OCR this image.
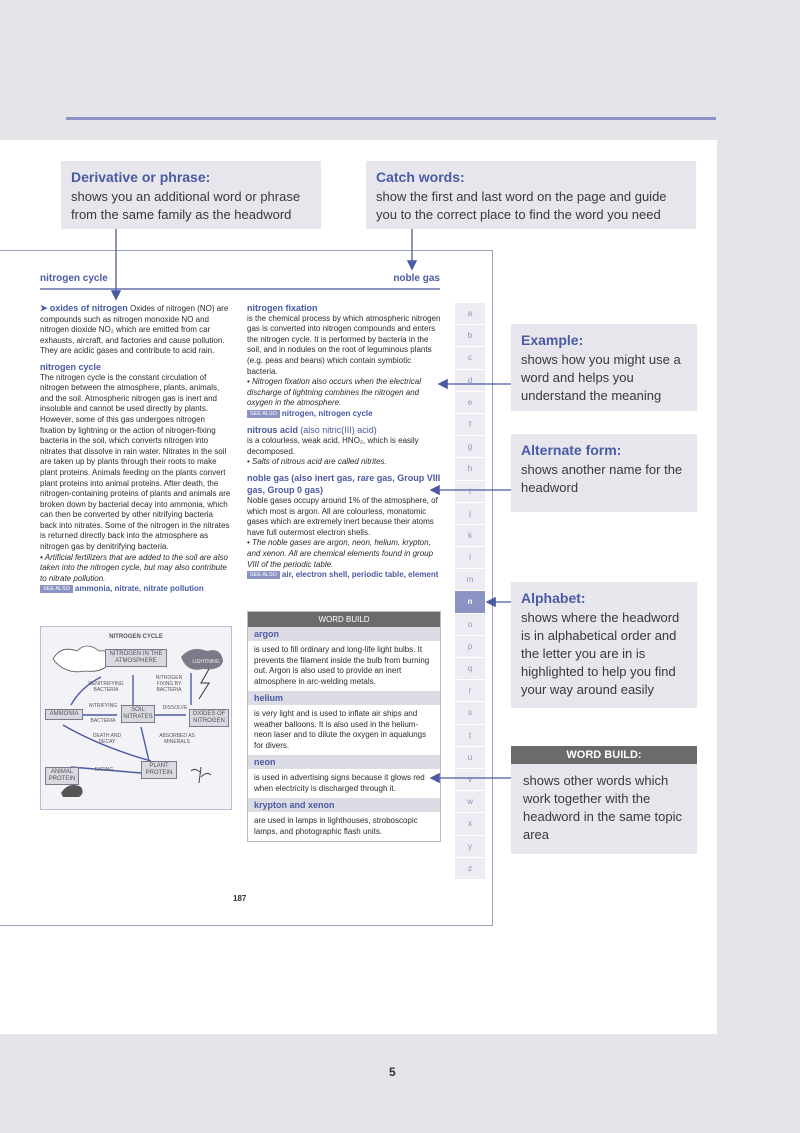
Derivative or phrase:
shows you an additional word or phrase from the same family as the headword
Catch words:
show the first and last word on the page and guide you to the correct place to find the word you need
Example:
shows how you might use a word and helps you understand the meaning
Alternate form:
shows another name for the headword
Alphabet:
shows where the headword is in alphabetical order and the letter you are in is highlighted to help you find your way around easily
WORD BUILD:
shows other words which work together with the headword in the same topic area
nitrogen cycle	noble gas

➤ oxides of nitrogen Oxides of nitrogen (NO) are compounds such as nitrogen monoxide NO and nitrogen dioxide NO₂ which are emitted from car exhausts, aircraft, and factories and cause pollution. They are acidic gases and contribute to acid rain.

nitrogen cycle

The nitrogen cycle is the constant circulation of nitrogen between the atmosphere, plants, animals, and the soil. Atmospheric nitrogen gas is inert and insoluble and cannot be used directly by plants. However, some of this gas undergoes nitrogen fixation by lightning or the action of nitrogen-fixing bacteria in the soil, which converts nitrogen into nitrates that dissolve in rain water. Nitrates in the soil are taken up by plants through their roots to make plant proteins. Animals feeding on the plants convert plant proteins into animal proteins. After death, the nitrogen-containing proteins of plants and animals are broken down by bacterial decay into ammonia, which can then be converted by other nitrifying bacteria back into nitrates. Some of the nitrogen in the nitrates is returned directly back into the atmosphere as nitrogen gas by denitrifying bacteria.

• Artificial fertilizers that are added to the soil are also taken into the nitrogen cycle, but may also contribute to nitrate pollution.

SEE ALSO ammonia, nitrate, nitrate pollution

NITROGEN CYCLE
NITROGEN IN THE ATMOSPHERE	LIGHTNING
DENITRIFYING BACTERIA
NITROGEN FIXING BY BACTERIA
AMMONIA
NITRIFYING
BACTERIA
SOIL NITRATES
DISSOLVE
OXIDES OF NITROGEN
DEATH AND DECAY
ABSORBED AS MINERALS
ANIMAL PROTEIN
EATING
PLANT PROTEIN

nitrogen fixation

is the chemical process by which atmospheric nitrogen gas is converted into nitrogen compounds and enters the nitrogen cycle. It is performed by bacteria in the soil, and in nodules on the root of leguminous plants (e.g. peas and beans) which contain symbiotic bacteria.

• Nitrogen fixation also occurs when the electrical discharge of lightning combines the nitrogen and oxygen in the atmosphere.

SEE ALSO nitrogen, nitrogen cycle

nitrous acid (also nitric(III) acid)

is a colourless, weak acid, HNO₂, which is easily decomposed.

• Salts of nitrous acid are called nitrites.

noble gas (also inert gas, rare gas, Group VIII gas, Group 0 gas)

Noble gases occupy around 1% of the atmosphere, of which most is argon. All are colourless, monatomic gases which are extremely inert because their atoms have full outermost electron shells.

• The noble gases are argon, neon, helium, krypton, and xenon. All are chemical elements found in group VIII of the periodic table.

SEE ALSO air, electron shell, periodic table, element

WORD BUILD
argon
is used to fill ordinary and long-life light bulbs. It prevents the filament inside the bulb from burning out. Argon is also used to provide an inert atmosphere in arc-welding metals.
helium
is very light and is used to inflate air ships and weather balloons. It is also used in the helium-neon laser and to dilute the oxygen in aqualungs for divers.
neon
is used in advertising signs because it glows red when electricity is discharged through it.
krypton and xenon
are used in lamps in lighthouses, stroboscopic lamps, and photographic flash units.
a
b
c
d
e
f
g
h
i
j
k
l
m
n
o
p
q
r
s
t
u
v
w
x
y
z
187
5
